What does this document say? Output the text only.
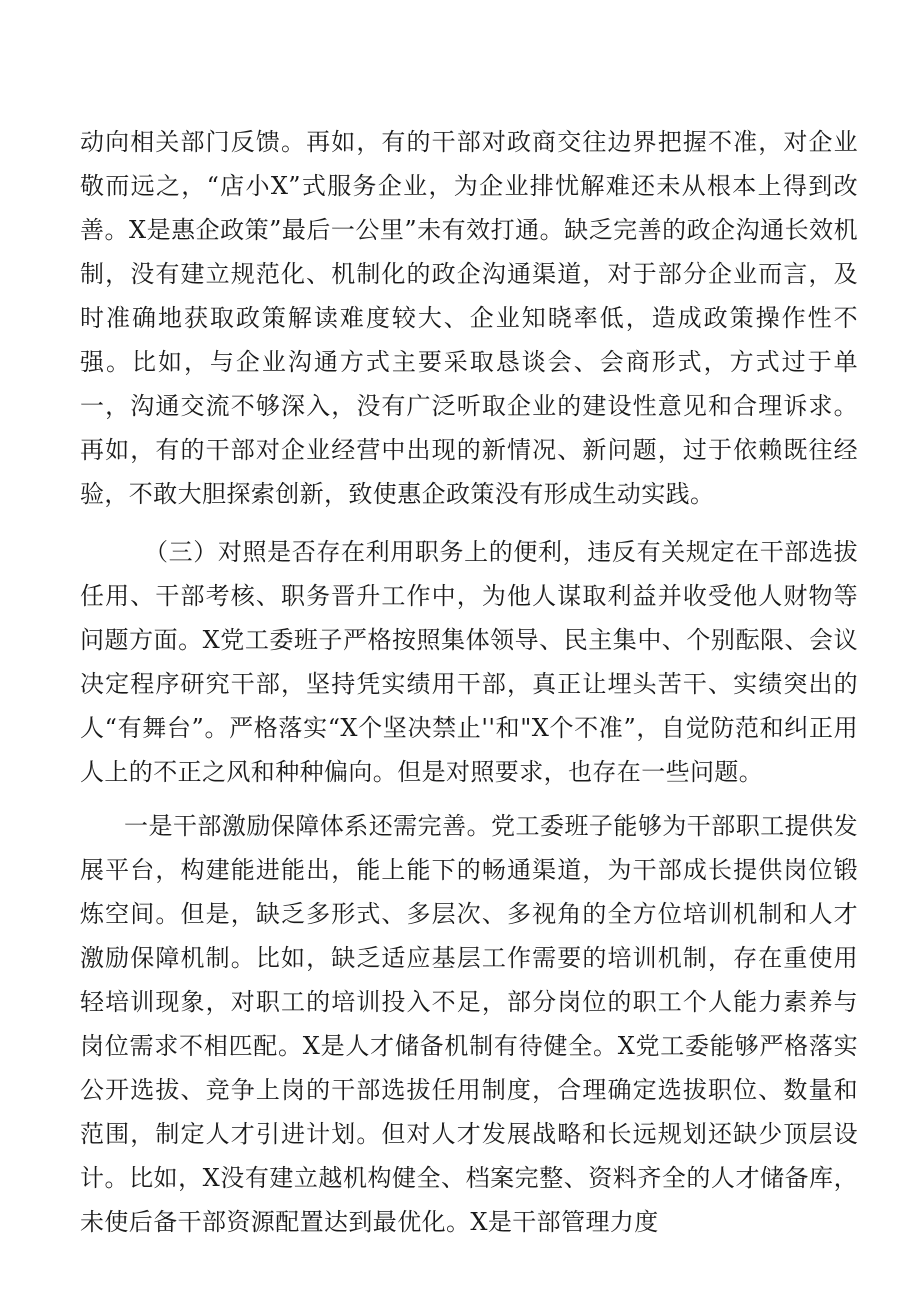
动向相关部门反馈。再如，有的干部对政商交往边界把握不准，对企业敬而远之，“店小X”式服务企业，为企业排忧解难还未从根本上得到改善。X是惠企政策”最后一公里”未有效打通。缺乏完善的政企沟通长效机制，没有建立规范化、机制化的政企沟通渠道，对于部分企业而言，及时准确地获取政策解读难度较大、企业知晓率低，造成政策操作性不强。比如，与企业沟通方式主要采取恳谈会、会商形式，方式过于单一，沟通交流不够深入，没有广泛听取企业的建设性意见和合理诉求。再如，有的干部对企业经营中出现的新情况、新问题，过于依赖既往经验，不敢大胆探索创新，致使惠企政策没有形成生动实践。

（三）对照是否存在利用职务上的便利，违反有关规定在干部选拔任用、干部考核、职务晋升工作中，为他人谋取利益并收受他人财物等问题方面。X党工委班子严格按照集体领导、民主集中、个别酝限、会议决定程序研究干部，坚持凭实绩用干部，真正让埋头苦干、实绩突出的人“有舞台”。严格落实“X个坚决禁止''和"X个不准”，自觉防范和纠正用人上的不正之风和种种偏向。但是对照要求，也存在一些问题。

一是干部激励保障体系还需完善。党工委班子能够为干部职工提供发展平台，构建能进能出，能上能下的畅通渠道，为干部成长提供岗位锻炼空间。但是，缺乏多形式、多层次、多视角的全方位培训机制和人才激励保障机制。比如，缺乏适应基层工作需要的培训机制，存在重使用轻培训现象，对职工的培训投入不足，部分岗位的职工个人能力素养与岗位需求不相匹配。X是人才储备机制有待健全。X党工委能够严格落实公开选拔、竞争上岗的干部选拔任用制度，合理确定选拔职位、数量和范围，制定人才引进计划。但对人才发展战略和长远规划还缺少顶层设计。比如，X没有建立越机构健全、档案完整、资料齐全的人才储备库，未使后备干部资源配置达到最优化。X是干部管理力度
